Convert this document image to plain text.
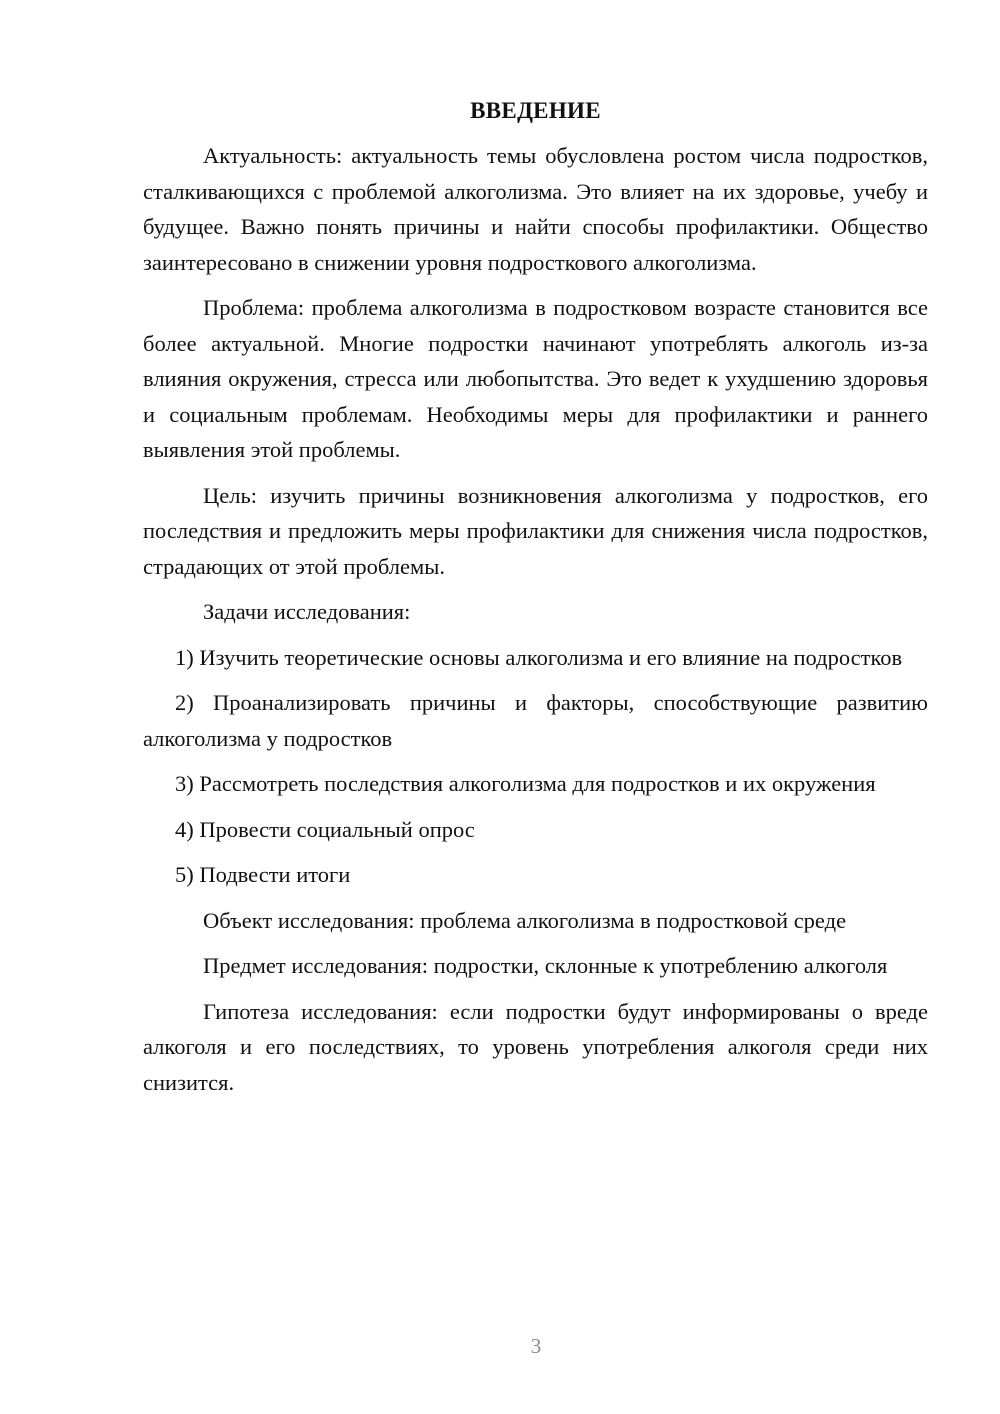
ВВЕДЕНИЕ

Актуальность: актуальность темы обусловлена ростом числа подростков, сталкивающихся с проблемой алкоголизма. Это влияет на их здоровье, учебу и будущее. Важно понять причины и найти способы профилактики. Общество заинтересовано в снижении уровня подросткового алкоголизма.

Проблема: проблема алкоголизма в подростковом возрасте становится все более актуальной. Многие подростки начинают употреблять алкоголь из-за влияния окружения, стресса или любопытства. Это ведет к ухудшению здоровья и социальным проблемам. Необходимы меры для профилактики и раннего выявления этой проблемы.

Цель: изучить причины возникновения алкоголизма у подростков, его последствия и предложить меры профилактики для снижения числа подростков, страдающих от этой проблемы.

Задачи исследования:

1) Изучить теоретические основы алкоголизма и его влияние на подростков

2) Проанализировать причины и факторы, способствующие развитию алкоголизма у подростков

3) Рассмотреть последствия алкоголизма для подростков и их окружения

4) Провести социальный опрос

5) Подвести итоги

Объект исследования: проблема алкоголизма в подростковой среде

Предмет исследования: подростки, склонные к употреблению алкоголя

Гипотеза исследования: если подростки будут информированы о вреде алкоголя и его последствиях, то уровень употребления алкоголя среди них снизится.

3
